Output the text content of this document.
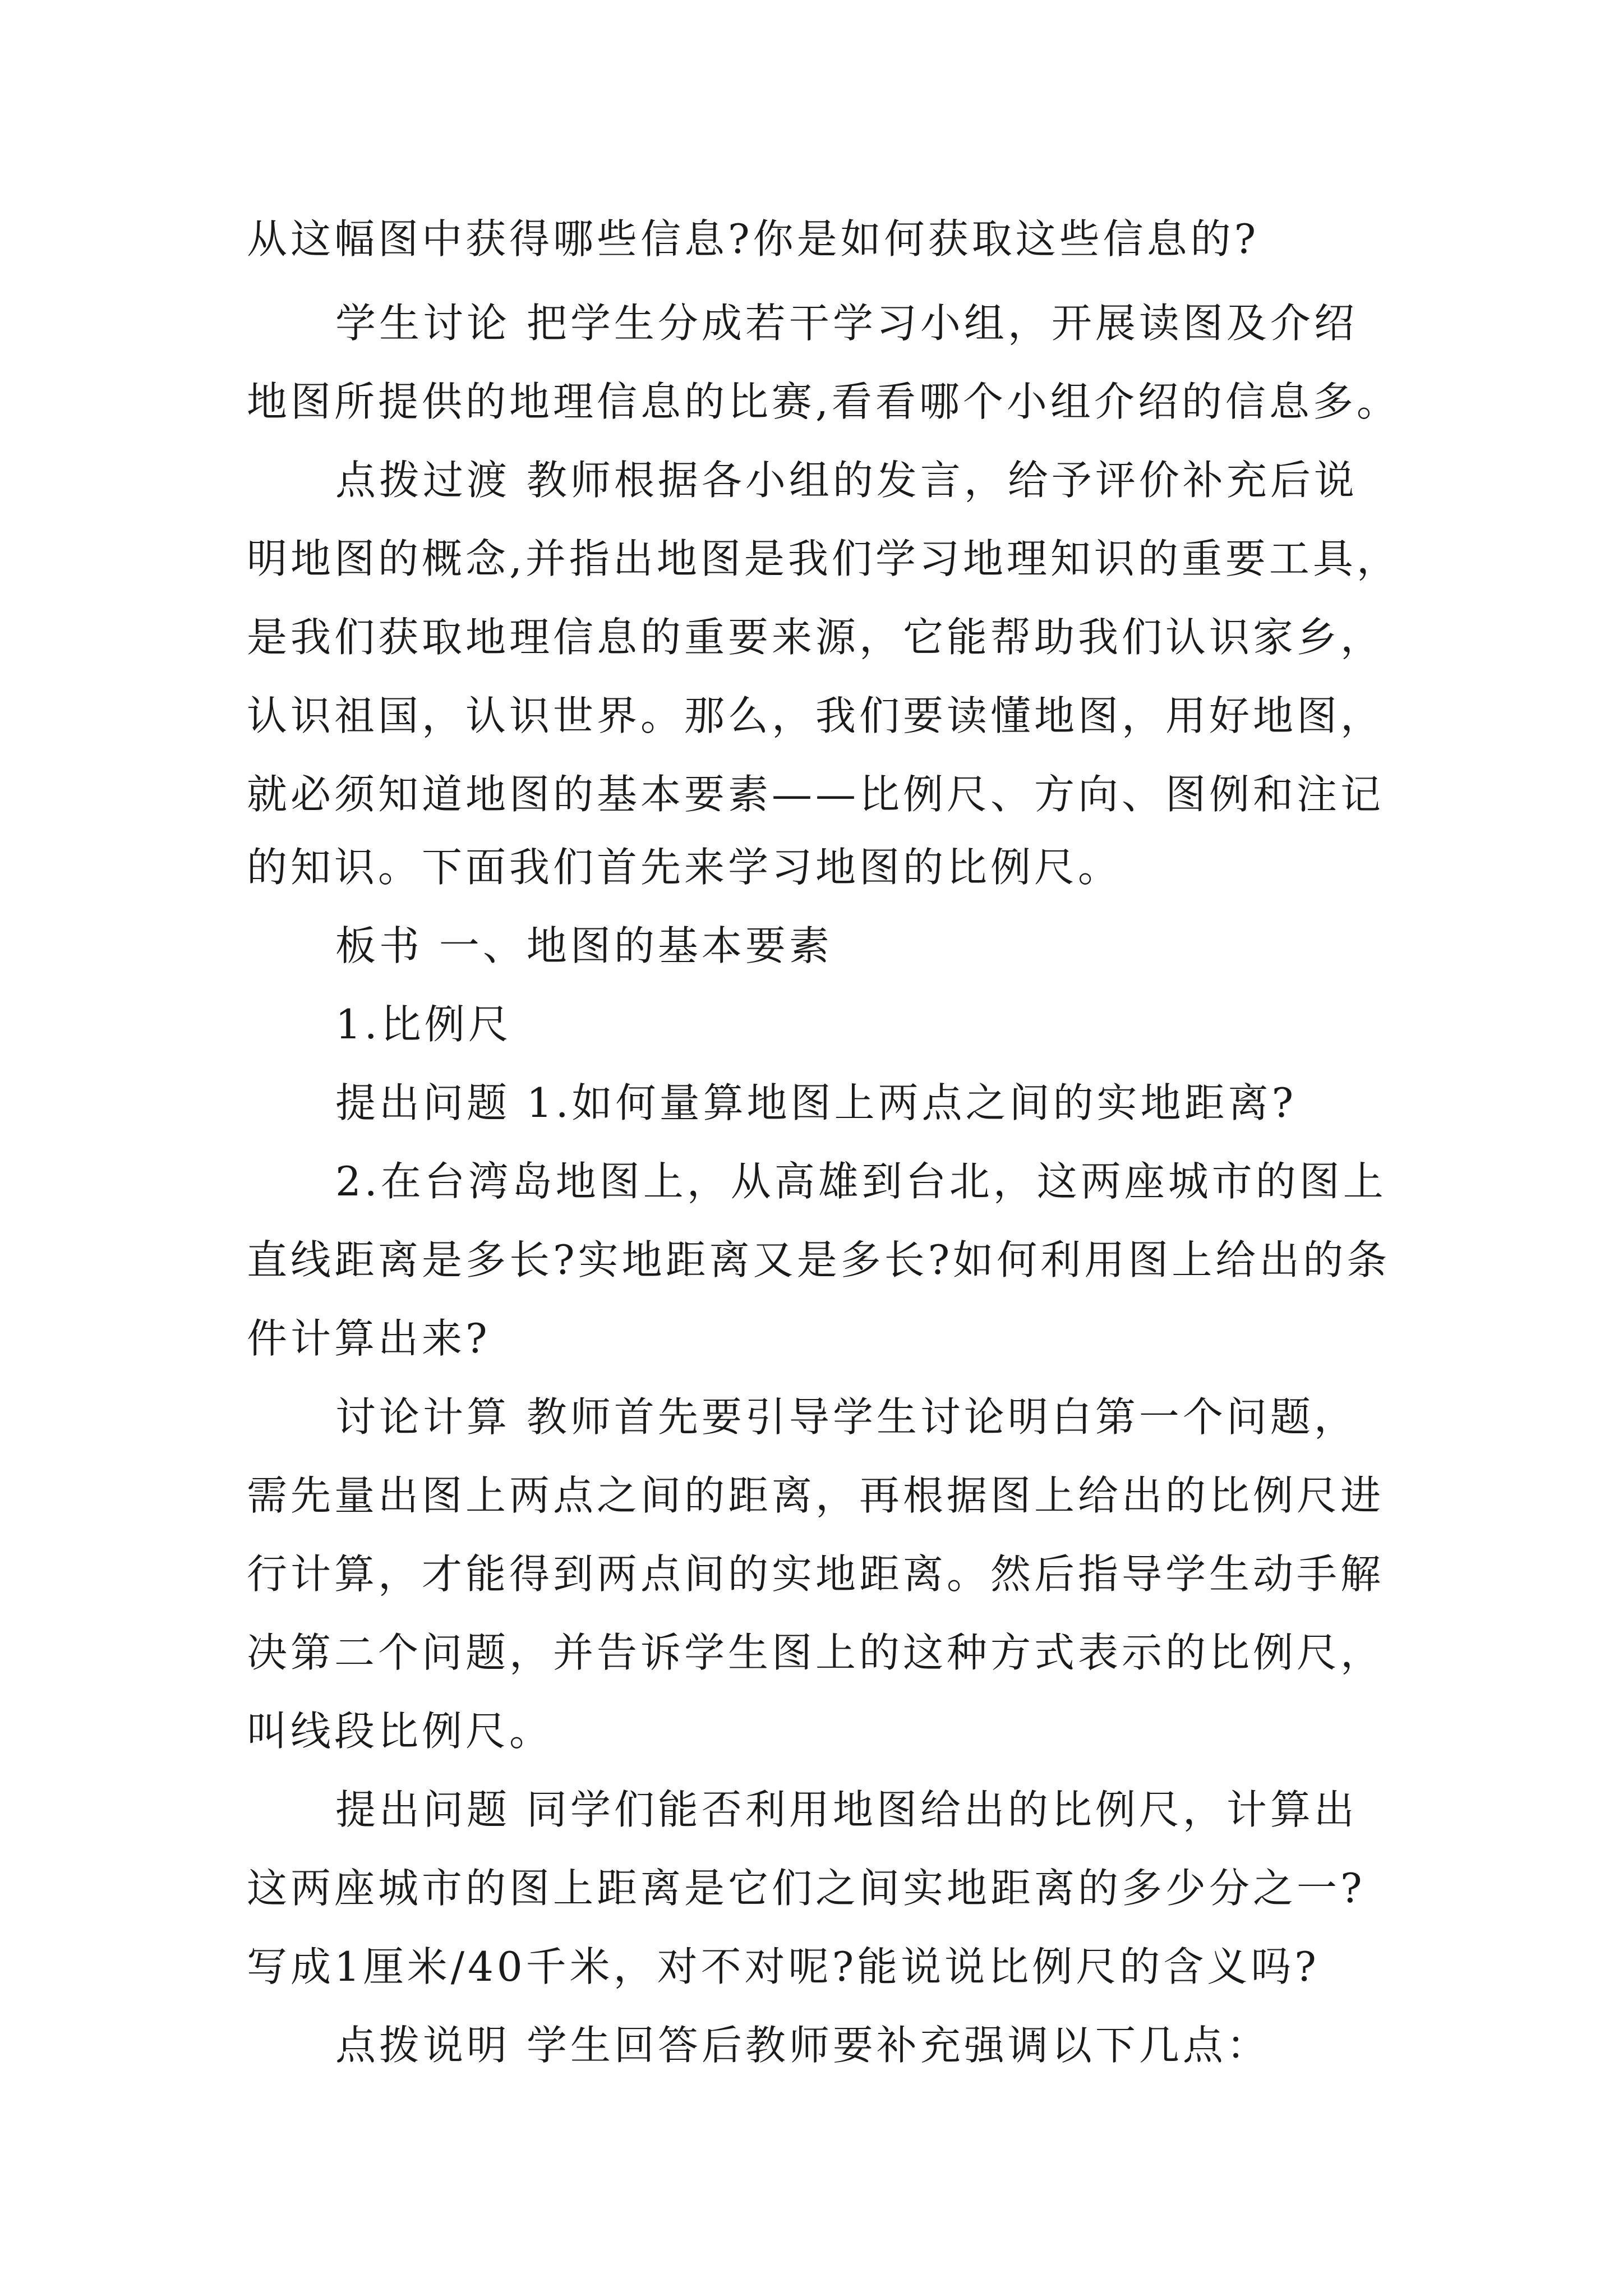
从这幅图中获得哪些信息?你是如何获取这些信息的?
学生讨论 把学生分成若干学习小组，开展读图及介绍
地图所提供的地理信息的比赛,看看哪个小组介绍的信息多。
点拨过渡 教师根据各小组的发言，给予评价补充后说
明地图的概念,并指出地图是我们学习地理知识的重要工具，
是我们获取地理信息的重要来源，它能帮助我们认识家乡，
认识祖国，认识世界。那么，我们要读懂地图，用好地图，
就必须知道地图的基本要素——比例尺、方向、图例和注记
的知识。下面我们首先来学习地图的比例尺。
板书 一、地图的基本要素
1.比例尺
提出问题 1.如何量算地图上两点之间的实地距离?
2.在台湾岛地图上，从高雄到台北，这两座城市的图上
直线距离是多长?实地距离又是多长?如何利用图上给出的条
件计算出来?
讨论计算 教师首先要引导学生讨论明白第一个问题，
需先量出图上两点之间的距离，再根据图上给出的比例尺进
行计算，才能得到两点间的实地距离。然后指导学生动手解
决第二个问题，并告诉学生图上的这种方式表示的比例尺，
叫线段比例尺。
提出问题 同学们能否利用地图给出的比例尺，计算出
这两座城市的图上距离是它们之间实地距离的多少分之一?
写成1厘米/40千米，对不对呢?能说说比例尺的含义吗?
点拨说明 学生回答后教师要补充强调以下几点：
